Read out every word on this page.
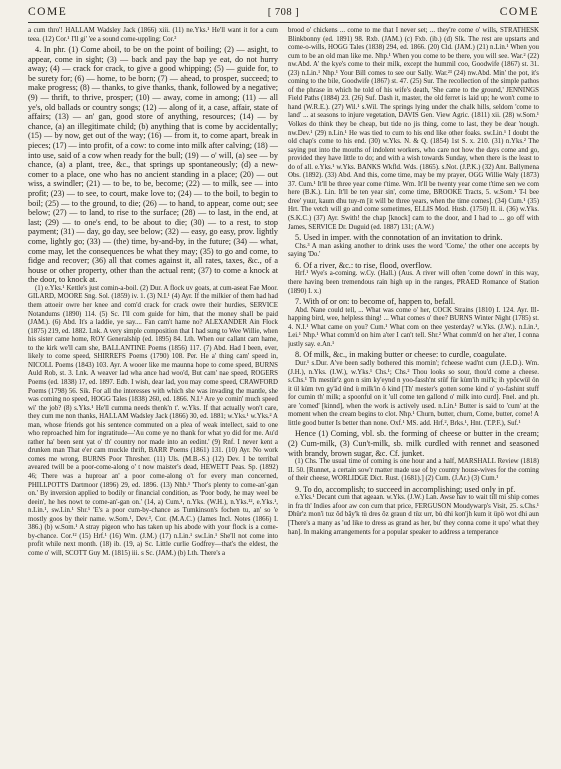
COME	[ 708 ]	COME

a cum thro'! HALLAM Wadsley Jack (1866) xiii. (11) ne.Yks.¹ He'll want it for a cum teea. (12) Cor.¹ I'll gi' 'ee a sound come-uppling; Cor.²

4. In phr. (1) Come aboil, to be on the point of boiling; (2) — asight, to appear, come in sight; (3) — back and pay the bap ye eat, do not hurry away; (4) — crack for crack, to give a good whipping; (5) — guide for, to be surety for; (6) — home, to be born; (7) — ahead, to prosper, succeed; to make progress; (8) — thanks, to give thanks, thank, followed by a negative; (9) — thrift, to thrive, prosper; (10) — away, come in among; (11) — all ye's, old ballads or country songs; (12) — along of it, a case, affair, state of affairs; (13) — an' gan, good store of anything, resources; (14) — by chance, (a) an illegitimate child; (b) anything that is come by accidentally; (15) — by now, get out of the way; (16) — from it, to come apart, break in pieces; (17) — into profit, of a cow: to come into milk after calving; (18) — into use, said of a cow when ready for the bull; (19) — o' will, (a) see — by chance, (a) a plant, tree, &c., that springs up spontaneously; (d) a new-comer to a place, one who has no ancient standing in a place; (20) — out wiss, a swindler; (21) — to be, to be, become; (22) — to milk, see — into profit; (23) — to see, to court, make love to; (24) — to the boil, to begin to boil; (25) — to the ground, to die; (26) — to hand, to appear, come out; see below; (27) — to land, to rise to the surface; (28) — to last, in the end, at last; (29) — to one's end, to be about to die; (30) — to a rest, to stop payment; (31) — day, go day, see below; (32) — easy, go easy, prov. lightly come, lightly go; (33) — (the) time, by-and-by, in the future; (34) — what, come may, let the consequences be what they may; (35) to go and come, to fidge and recover; (36) all that comes against it, all rates, taxes, &c., of a house or other property, other than the actual rent; (37) to come a knock at the door, to knock at.

(1) e.Yks.¹ Kettle's just comin-a-boil. (2) Dur. A flock uv goats, at cum-aseat Fae Moor. GILARD, MOORE Sng. Sol. (1859) iv. 1. (3) N.I.¹ (4) Ayr. If the milkier of them had had them attoeir owre her knee and com'd crack for crack owre their hurdies, SERVICE Notandums (1890) 114. (5) Sc. I'll com guide for him, that the money shall be paid (JAM.). (6) Abd. It's a laddie, ye say.... Fan cam't hame no? ALEXANDER Ain Flock (1875) 219, ed. 1882. Lnk. A very simple composition that I had sung to Wee Willie, when his sister came home, ROY Generalship (ed. 1895) 84. Lth. When our callant cam hame, to the kirk we'll cam she, BALLANTINE Poems (1856) 117. (7) Abd. Had I been, ever, likely to come speed, SHIRREFS Poems (1790) 108. Per. He a' thing cam' speed in, NICOLL Poems (1843) 103. Ayr. A wooer like me maunna hope to come speed, BURNS Auld Rob, st. 3. Lnk. A weaver lad wha ance had woo'd, But cam' nae speed, ROGERS Poems (ed. 1838) 17, ed. 1897. Edb. I wish, dear lad, you may come speed, CRAWFORD Poems (1798) 56. Sik. For all the interesses with which she was invading the mantle, she was coming no speed, HOGG Tales (1838) 260, ed. 1866. N.I.¹ Are ye comin' much speed wi' the job? (8) s.Yks.¹ He'll cumma needs thenk'n t'. w.Yks. If that actually won't care, they cum me non thanks, HALLAM Wadsley Jack (1866) 30, ed. 1881; w.Yks.¹ w.Yks.² A man, whose friends got his sentence commuted on a plea of weak intellect, said to one who reproached him for ingratitude—'Au come ye no thank for what yo did for me. Au'd rather ha' been sent yat o' th' country nor made into an eedint.' (9) Rnf. I never kent a drunken man That e'er cam muckle thrift, BARR Poems (1861) 131. (10) Ayr. No work comes me wrong, BURNS Poor Thresher. (11) Uls. (M.B.-S.) (12) Dev. I be terribal aveared twill be a poor-come-along o' t now maister's dead, HEWETT Peas. Sp. (1892) 46; There was a huproar an' a poor come-along o't for every man concerned, PHILLPOTTS Dartmoor (1896) 29, ed. 1896. (13) Nhb.¹ 'Thor's plenty to come-an'-gan on.' By inversion applied to bodily or financial condition, as 'Poor body, he may weel be deein', he hes nowt te come-an'-gan on.' (14, a) Cum.¹, n.Yks. (W.H.), n.Yks.¹², e.Yks.¹, n.Lin.¹, sw.Lin.¹ Shr.¹ 'E's a poor cum-by-chance as Tumkinson's fochen tu, an' so 'e mostly goos by their name. w.Som.¹, Dev.³, Cor. (M.A.C.) (James Incl. Notes (1866) I. 386.) (b) w.Som.¹ A stray pigeon who has taken up his abode with your flock is a come-by-chance. Cor.¹² (15) Hrf.¹ (16) Wm. (J.M.) (17) n.Lin.¹ sw.Lin.¹ She'll not come into profit while next month. (18) ib. (19, a) Sc. Little curlie Godfrey—that's the eldest, the come o' will, SCOTT Guy M. (1815) iii. s Sc. (JAM.) (b) Lth. There's a

brood o' chickens ... come to me that I never set; ... they're come o' wills, STRATHESK Blinkbonny (ed. 1891) 98. Rxb. (JAM.) (c) Fxb. (ib.) (d) Slk. The rest are upstarts and come-o-wills, HOGG Tales (1838) 294, ed. 1866. (20) Cld. (JAM.) (21) n.Lin.¹ When you cum to be an old man like me. Nhp.¹ When you come to be there, you will see. War.² (22) nw.Abd. A' the kye's come to their milk, except the hummil coo, Goodwife (1867) st. 31. (23) n.Lin.¹ Nhp.¹ Your Bill comes to see our Sally. War.²³ (24) nw.Abd. Min' the pot, it's coming to the bile, Goodwife (1867) st. 47. (25) Sur. The recollection of the simple pathos of the phrase in which he told of his wife's death, 'She came to the ground,' JENNINGS Field Paths (1884) 23. (26) Suf. Dash it, master, the old ferret is laid up; he won't come to hand (W.R.E.). (27) Wil.¹ s.Wil. The springs lying under the chalk hills, seldom 'come to land' ... at seasons to injure vegetation, DAVIS Gen. View Agric. (1811) xii. (28) w.Som.¹ Volkes do think they be cheap, but tide no jis thing, come to last, they be dear 'nough. nw.Dev.¹ (29) n.Lin.¹ He was tied to cum to his end like other foaks. sw.Lin.¹ I doubt the old chap's come to his end. (30) w.Yks. N. & Q. (1854) 1st S. x. 210. (31) n.Yks.² The saying put into the mouths of indolent workers, who care not how the days come and go, provided they have little to do; and with a wish towards Sunday, when there is the least to do of all. e.Yks.¹ w.Yks. BANKS Wkfld. Wds. (1865). s.Not. (J.P.K.) (32) Ant. Ballymena Obs. (1892). (33) Abd. And this, come time, may be my prayer, OGG Willie Waly (1873) 37. Cum.¹ It'll be three year come t'time. Wm. It'll be twenty year come t'time sen we com here (B.K.). Lin. It'll be ten year sin', come time, BROOKE Tracts, 5. w.Som.¹ T-l bee dree' yuur, kaum dhu tuy-m [it will be three years, when the time comes]. (34) Cum.¹ (35) Hrt. The vetch will go and come sometimes, ELLIS Mod. Husb. (1750) II. ii. (36) w.Yks. (S.K.C.) (37) Ayr. Swith! the chap [knock] cam to the door, and I had to ... go off with James, SERVICE Dr. Duguid (ed. 1887) 131; (A.W.)

5. Used in imper. with the connotation of an invitation to drink.

Chs.³ A man asking another to drink uses the word 'Come,' the other one accepts by saying 'Do.'

6. Of a river, &c.: to rise, flood, overflow.

Hrf.¹ Wye's a-coming. w.Cy. (Hall.) (Aus. A river will often 'come down' in this way, there having been tremendous rain high up in the ranges, PRAED Romance of Station (1890) I. x.)

7. With of or on: to become of, happen to, befall.

Abd. Nane could tell, ... What was come o' her, COCK Strains (1810) I. 124. Ayr. Ill-happing bird, wee, helpless thing! ... What comes o' thee? BURNS Winter Night (1785) st. 4. N.I.¹ What came on you? Cum.¹ What com on thee yesterday? w.Yks. (J.W.). n.Lin.¹, Lei.¹ Nhp.¹ What comm'd on him a'ter I can't tell. Shr.² What comm'd on her a'ter, I conna justly say. e.An.¹

8. Of milk, &c., in making butter or cheese: to curdle, coagulate.

Dur.¹ s.Dur. A've been sadly bothered this mornin'; t'cheese wad'nt cum (J.E.D.). Wm. (J.H.), n.Yks. (I.W.), w.Yks.¹ Chs.¹; Chs.² Thou looks so sour, thou'd come a cheese. s.Chs.¹ Th mestür'z gon n sim ky'eynd n yoo-fassh'nt stüf für kùm'ih mil'k; ih ypöcwül ön it ül kùm tvn gy'äd ünd ù milk'in ö kind [Th' mester's gotten some kind o' yo-fashint stuff for cumin th' milk; a spoonful on it 'ull come ten gallond o' milk into curd]. Fnel. and ph. are 'comed' [kinnd], when the work is actively used. n.Lin.¹ Butter is said to 'cum' at the moment when the cream begins to clot. Nhp.¹ Churn, butter, churn, Come, butter, come! A little good butter Is better than none. Oxf.¹ MS. add. Hrf.², Brks.¹, Hnt. (T.P.F.), Suf.¹

Hence (1) Coming, vbl. sb. the forming of cheese or butter in the cream; (2) Cum-milk, (3) Cun't-milk, sb. milk curdled with rennet and seasoned with brandy, brown sugar, &c. Cf. junket.

(1) Chs. The usual time of coming is one hour and a half, MARSHALL Review (1818) II. 50. [Runnet, a certain sow'r matter made use of by country house-wives for the coming of their cheese, WORLIDGE Dict. Rust. (1681).] (2) Cum. (J.Ar.) (3) Cum.¹

9. To do, accomplish; to succeed in accomplishing; used only in pf.

e.Yks.¹ Decant cum that ageaan. w.Yks. (J.W.) Lan. Awse hav to wait till mi ship comes in fra th' Indies afoor aw con cum that price, FERGUSON Moudywarp's Visit, 25. s.Chs.¹ Dhür'z mon'i tuz ôd bây'k tü dres ôz graun d tüz urr, bù dhi kon'jh kum it üpö wot dhi aun [There's a many as 'ud like to dress as grand as her, bu' they conna come it upo' what they han]. In making arrangements for a popular speaker to address a temperance
